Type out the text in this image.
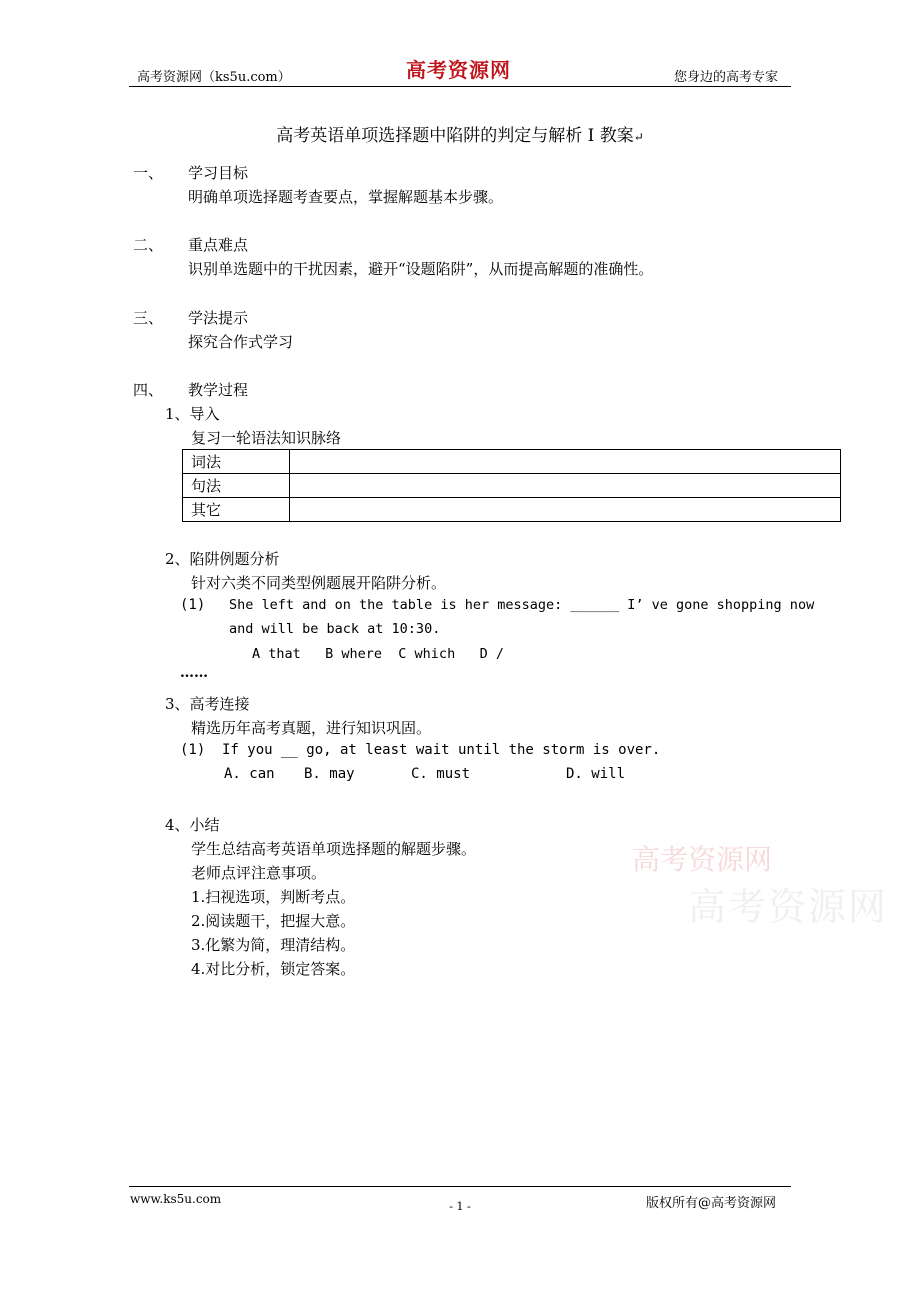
高考资源网（ks5u.com）	高考资源网	您身边的高考专家
高考英语单项选择题中陷阱的判定与解析 I 教案↵
一、 学习目标
明确单项选择题考查要点，掌握解题基本步骤。
二、 重点难点
识别单选题中的干扰因素，避开“设题陷阱”，从而提高解题的准确性。
三、 学法提示
探究合作式学习
四、 教学过程
1、导入
复习一轮语法知识脉络
词法	
句法	
其它	
2、陷阱例题分析
针对六类不同类型例题展开陷阱分析。
(1) She left and on the table is her message: ______ I’ ve gone shopping now
and will be back at 10:30.
A that   B where  C which   D /
……
3、高考连接
精选历年高考真题，进行知识巩固。
(1) If you __ go, at least wait until the storm is over.
A. can B. may	C. must	D. will
4、小结
学生总结高考英语单项选择题的解题步骤。
老师点评注意事项。
1.扫视选项，判断考点。
2.阅读题干，把握大意。
3.化繁为简，理清结构。
4.对比分析，锁定答案。
高考资源网
高考资源网
www.ks5u.com
- 1 -	版权所有@高考资源网
